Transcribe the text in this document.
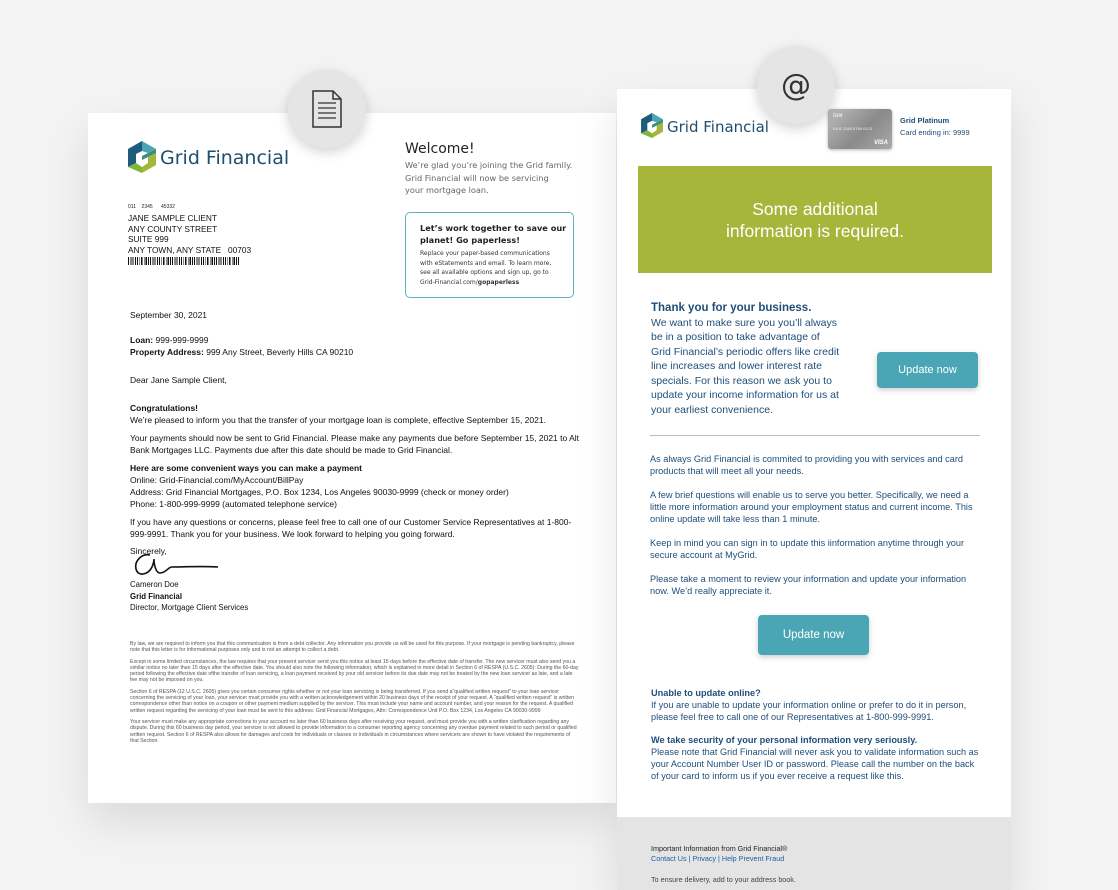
Grid Financial
011 2345 45332
JANE SAMPLE CLIENT
ANY COUNTY STREET
SUITE 999
ANY TOWN, ANY STATE   00703
Welcome!
We’re glad you’re joining the Grid family.
Grid Financial will now be servicing
your mortgage loan.
Let’s work together to save our
planet! Go paperless!
Replace your paper-based communications
with eStatements and email. To learn more,
see all available options and sign up, go to
Grid-Financial.com/gopaperless

September 30, 2021

Loan: 999-999-9999

Property Address: 999 Any Street, Beverly Hills CA 90210

Dear Jane Sample Client,

Congratulations!

We’re pleased to inform you that the transfer of your mortgage loan is complete, effective September 15, 2021.

Your payments should now be sent to Grid Financial. Please make any payments due before September 15, 2021 to Alt Bank Mortgages LLC. Payments due after this date should be made to Grid Financial.

Here are some convenient ways you can make a payment
Online: Grid-Financial.com/MyAccount/BillPay
Address: Grid Financial Mortgages, P.O. Box 1234, Los Angeles 90030-9999 (check or money order)

Phone: 1-800-999-9999 (automated telephone service)

If you have any questions or concerns, please feel free to call one of our Customer Service Representatives at 1-800-999-9991. Thank you for your business. We look forward to helping you going forward.

Sincerely,
Cameron Doe
Grid Financial
Director, Mortgage Client Services

By law, we are required to inform you that this communication is from a debt collector. Any information you provide us will be used for this purpose. If your mortgage is pending bankruptcy, please note that this letter is for informational purposes only and is not an attempt to collect a debt.

Except in some limited circumstances, the law requires that your present servicer send you this notice at least 15 days before the effective date of transfer. The new servicer must also send you a similar notice no later than 15 days after the effective date. You should also note the following information, which is explained in more detail in Section 6 of RESPA (U.S.C. 2605): During the 60-day period following the effective date ofthe transfer of loan servicing, a loan payment received by your old servicer before its due date may not be treated by the new loan servicer as late, and a late fee may not be imposed on you.

Section 6 of RESPA (12 U.S.C. 2605) gives you certain consumer rights whether or not your loan servicing is being transferred. If you send a”qualified written request” to your loan servicer concerning the servicing of your loan, your servicer must provide you with a written acknowledgement within 20 business days of the receipt of your request. A “qualified written request” is written correspondence other than notice on a coupon or other payment medium supplied by the servicer. This must include your name and account number, and your reason for the request. A qualified written request regarding the servicing of your loan must be sent to this address: Grid Financial Mortgages, Attn: Correspondence Unit P.O. Box 1234, Los Angeles CA 90030-9999

Your servicer must make any appropriate corrections to your account no later than 60 business days after receiving your request, and must provide you with a written clarification regarding any dispute. During this 60 business day period, your servicer is not allowed to provide information to a consumer reporting agency concerning any overdue payment related to such period or qualified written request. Section 6 of RESPA also allows for damages and costs for individuals or classes or individuals in circumstances where servicers are shown to have violated the requirements of that Section.

Grid Financial
Grid
0101 2345 6789 0123
VISA
Grid Platinum
Card ending in: 9999
Some additional
information is required.
Thank you for your business.
We want to make sure you you’ll always
be in a position to take advantage of
Grid Financial’s periodic offers like credit
line increases and lower interest rate
specials. For this reason we ask you to
update your income information for us at
your earliest convenience.
Update now

As always Grid Financial is commited to providing you with services and card products that will meet all your needs.

A few brief questions will enable us to serve you better. Specifically, we need a little more information around your employment status and current income. This online update will take less than 1 minute.

Keep in mind you can sign in to update this iinformation anytime through your secure account at MyGrid.

Please take a moment to review your information and update your information now. We’d really appreciate it.

Update now
Unable to update online?
If you are unable to update your information online or prefer to do it in person, please feel free to call one of our Representatives at 1-800-999-9991.
We take security of your personal information very seriously.
Please note that Grid Financial will never ask you to validate information such as your Account Number User ID or password. Please call the number on the back of your card to inform us if you ever receive a request like this.
Important Information from Grid Financial®
Contact Us | Privacy | Help Prevent Fraud
To ensure delivery, add to your address book.
@
